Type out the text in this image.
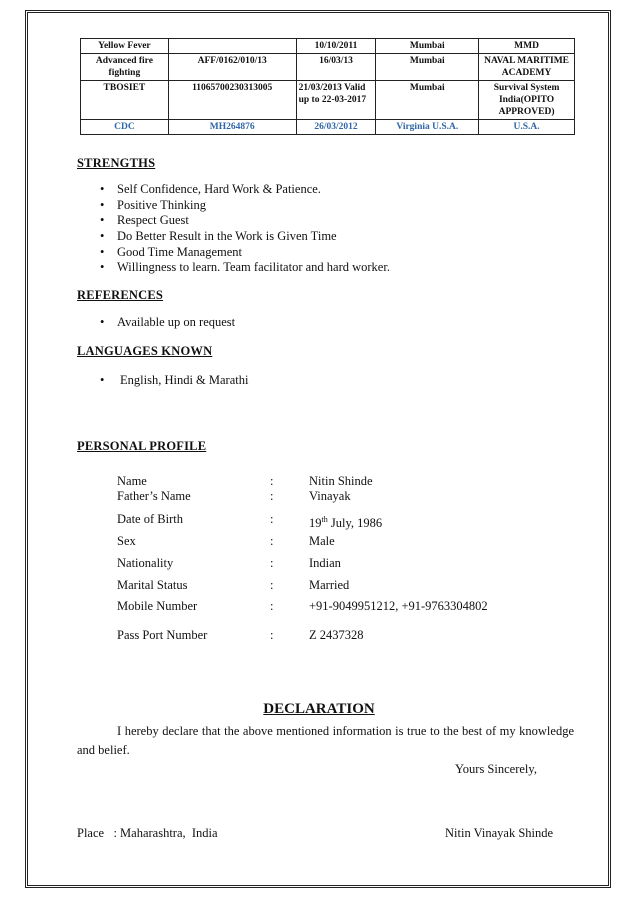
Yellow Fever		10/10/2011	Mumbai	MMD
Advanced fire fighting	AFF/0162/010/13	16/03/13	Mumbai	NAVAL MARITIME ACADEMY
TBOSIET	11065700230313005	21/03/2013 Valid up to 22-03-2017	Mumbai	Survival System India(OPITO APPROVED)
CDC	MH264876	26/03/2012	Virginia U.S.A.	U.S.A.
STRENGTHS
• Self Confidence, Hard Work & Patience.
• Positive Thinking
• Respect Guest
• Do Better Result in the Work is Given Time
• Good Time Management
• Willingness to learn. Team facilitator and hard worker.
REFERENCES
• Available up on request
LANGUAGES KNOWN
• English, Hindi & Marathi
PERSONAL PROFILE
Name	:	Nitin Shinde
Father’s Name	:	Vinayak
Date of Birth	:	19th July, 1986
Sex	:	Male
Nationality	:	Indian
Marital Status	:	Married
Mobile Number	:	+91-9049951212, +91-9763304802
Pass Port Number	:	Z 2437328
DECLARATION
I hereby declare that the above mentioned information is true to the best of my knowledge and belief.
Yours Sincerely,
Place   : Maharashtra,  India	Nitin Vinayak Shinde
